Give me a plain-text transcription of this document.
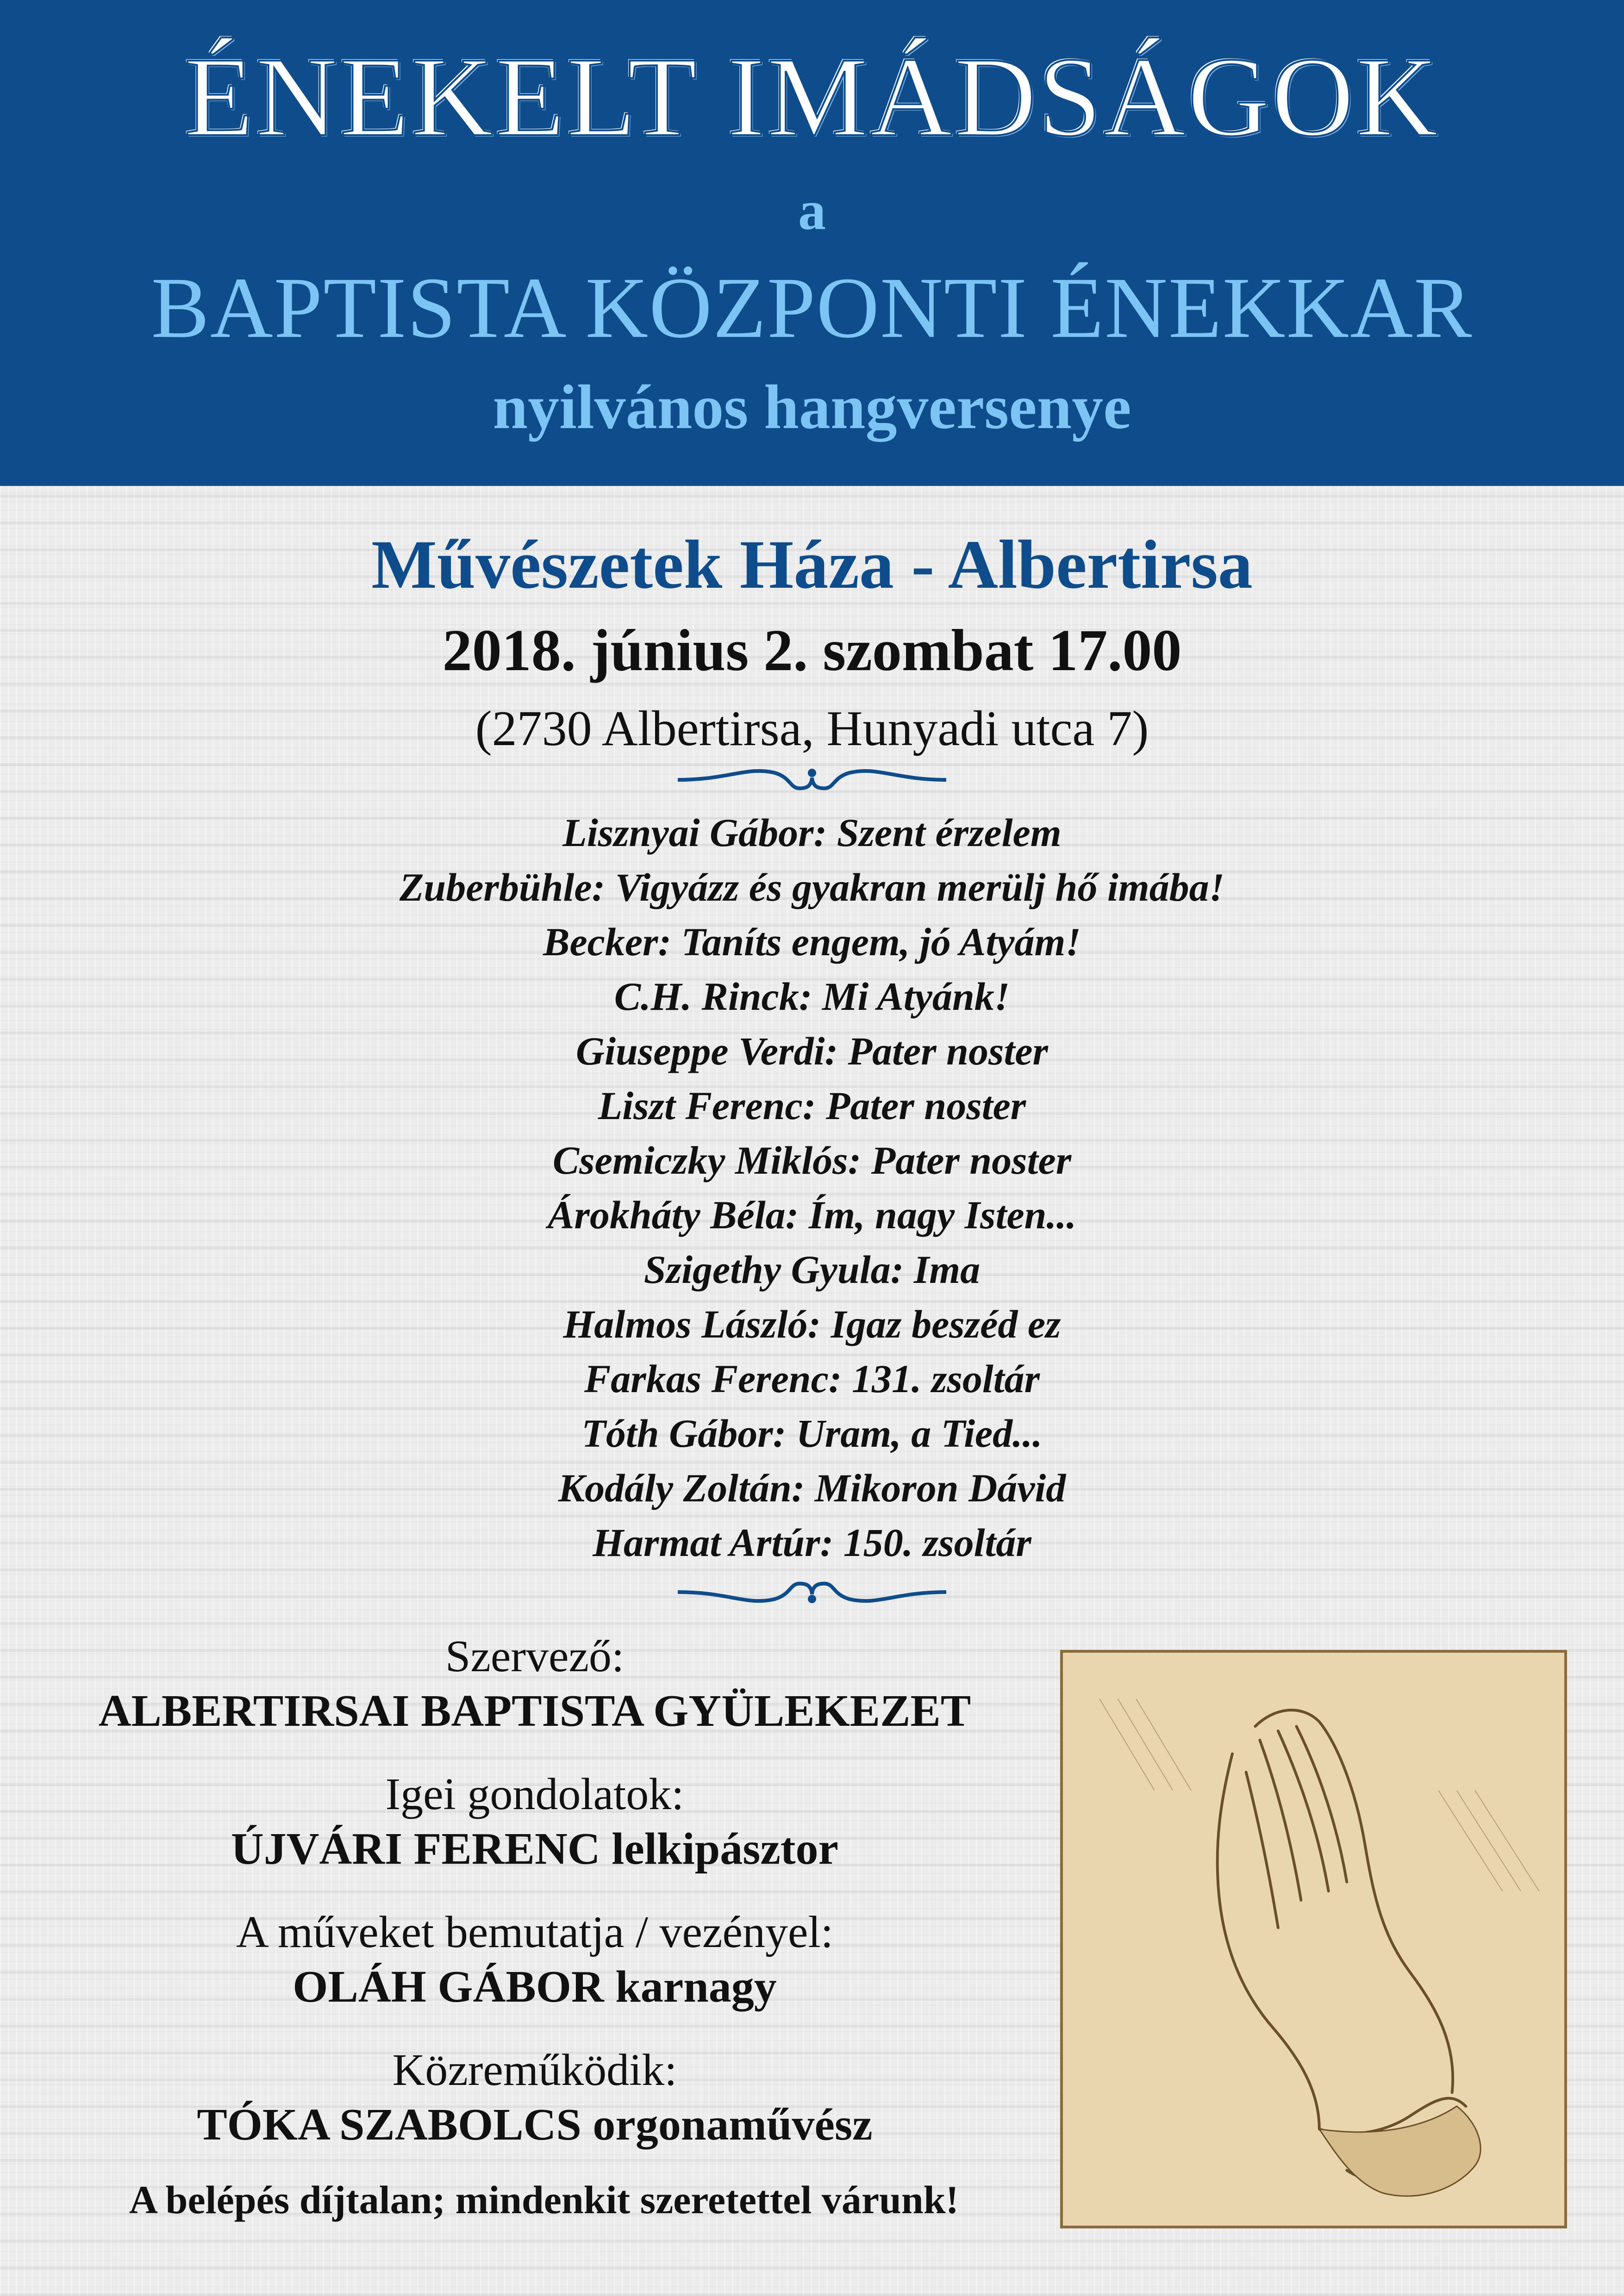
ÉNEKELT IMÁDSÁGOK
a
BAPTISTA KÖZPONTI ÉNEKKAR
nyilvános hangversenye
Művészetek Háza - Albertirsa
2018. június 2. szombat 17.00
(2730 Albertirsa, Hunyadi utca 7)
Lisznyai Gábor: Szent érzelem
Zuberbühle: Vigyázz és gyakran merülj hő imába!
Becker: Taníts engem, jó Atyám!
C.H. Rinck: Mi Atyánk!
Giuseppe Verdi: Pater noster
Liszt Ferenc: Pater noster
Csemiczky Miklós: Pater noster
Árokháty Béla: Ím, nagy Isten...
Szigethy Gyula: Ima
Halmos László: Igaz beszéd ez
Farkas Ferenc: 131. zsoltár
Tóth Gábor: Uram, a Tied...
Kodály Zoltán: Mikoron Dávid
Harmat Artúr: 150. zsoltár
Szervező:
ALBERTIRSAI BAPTISTA GYÜLEKEZET
Igei gondolatok:
ÚJVÁRI FERENC lelkipásztor
A műveket bemutatja / vezényel:
OLÁH GÁBOR karnagy
Közreműködik:
TÓKA SZABOLCS orgonaművész
A belépés díjtalan; mindenkit szeretettel várunk!
